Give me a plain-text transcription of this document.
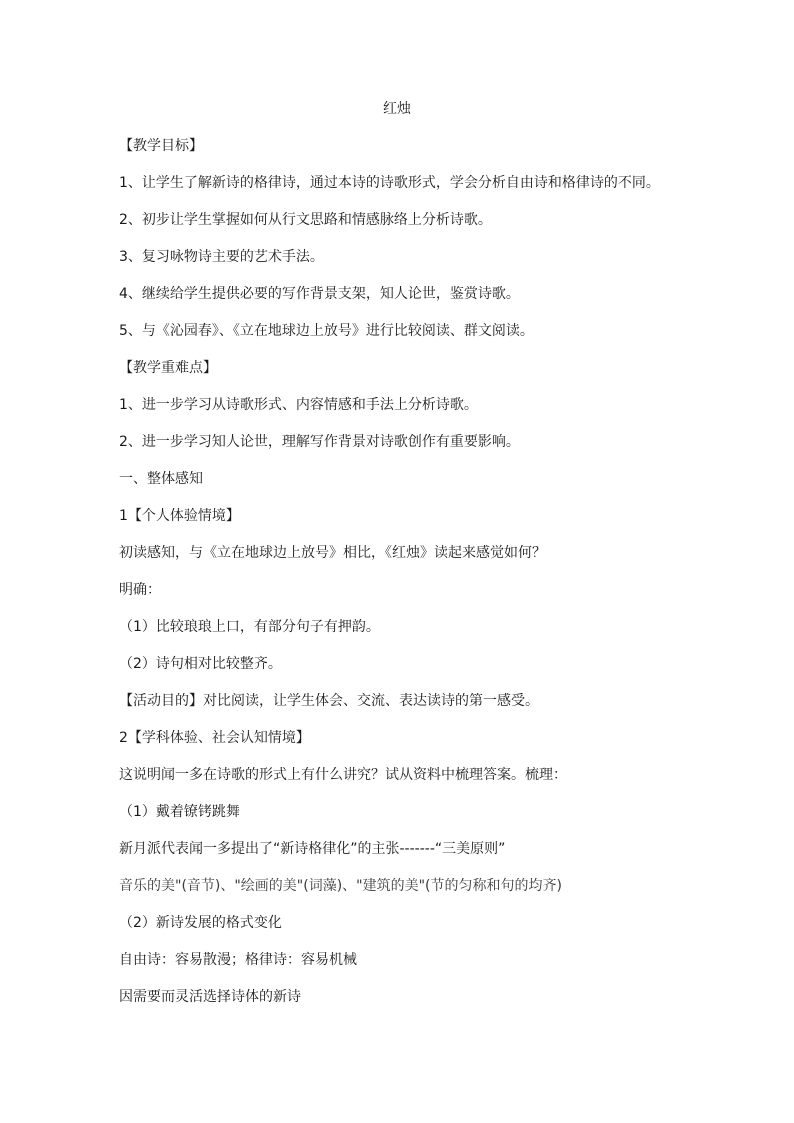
红烛
【教学目标】
1、让学生了解新诗的格律诗，通过本诗的诗歌形式，学会分析自由诗和格律诗的不同。
2、初步让学生掌握如何从行文思路和情感脉络上分析诗歌。
3、复习咏物诗主要的艺术手法。
4、继续给学生提供必要的写作背景支架，知人论世，鉴赏诗歌。
5、与《沁园春》、《立在地球边上放号》进行比较阅读、群文阅读。
【教学重难点】
1、进一步学习从诗歌形式、内容情感和手法上分析诗歌。
2、进一步学习知人论世，理解写作背景对诗歌创作有重要影响。
一、整体感知
1【个人体验情境】
初读感知，与《立在地球边上放号》相比，《红烛》读起来感觉如何？
明确：
（1）比较琅琅上口，有部分句子有押韵。
（2）诗句相对比较整齐。
【活动目的】对比阅读，让学生体会、交流、表达读诗的第一感受。
2【学科体验、社会认知情境】
这说明闻一多在诗歌的形式上有什么讲究？试从资料中梳理答案。梳理：
（1）戴着镣铐跳舞
新月派代表闻一多提出了“新诗格律化”的主张-------“三美原则”
音乐的美"(音节)、"绘画的美"(词藻)、"建筑的美"(节的匀称和句的均齐)
（2）新诗发展的格式变化
自由诗：容易散漫；格律诗：容易机械
因需要而灵活选择诗体的新诗
